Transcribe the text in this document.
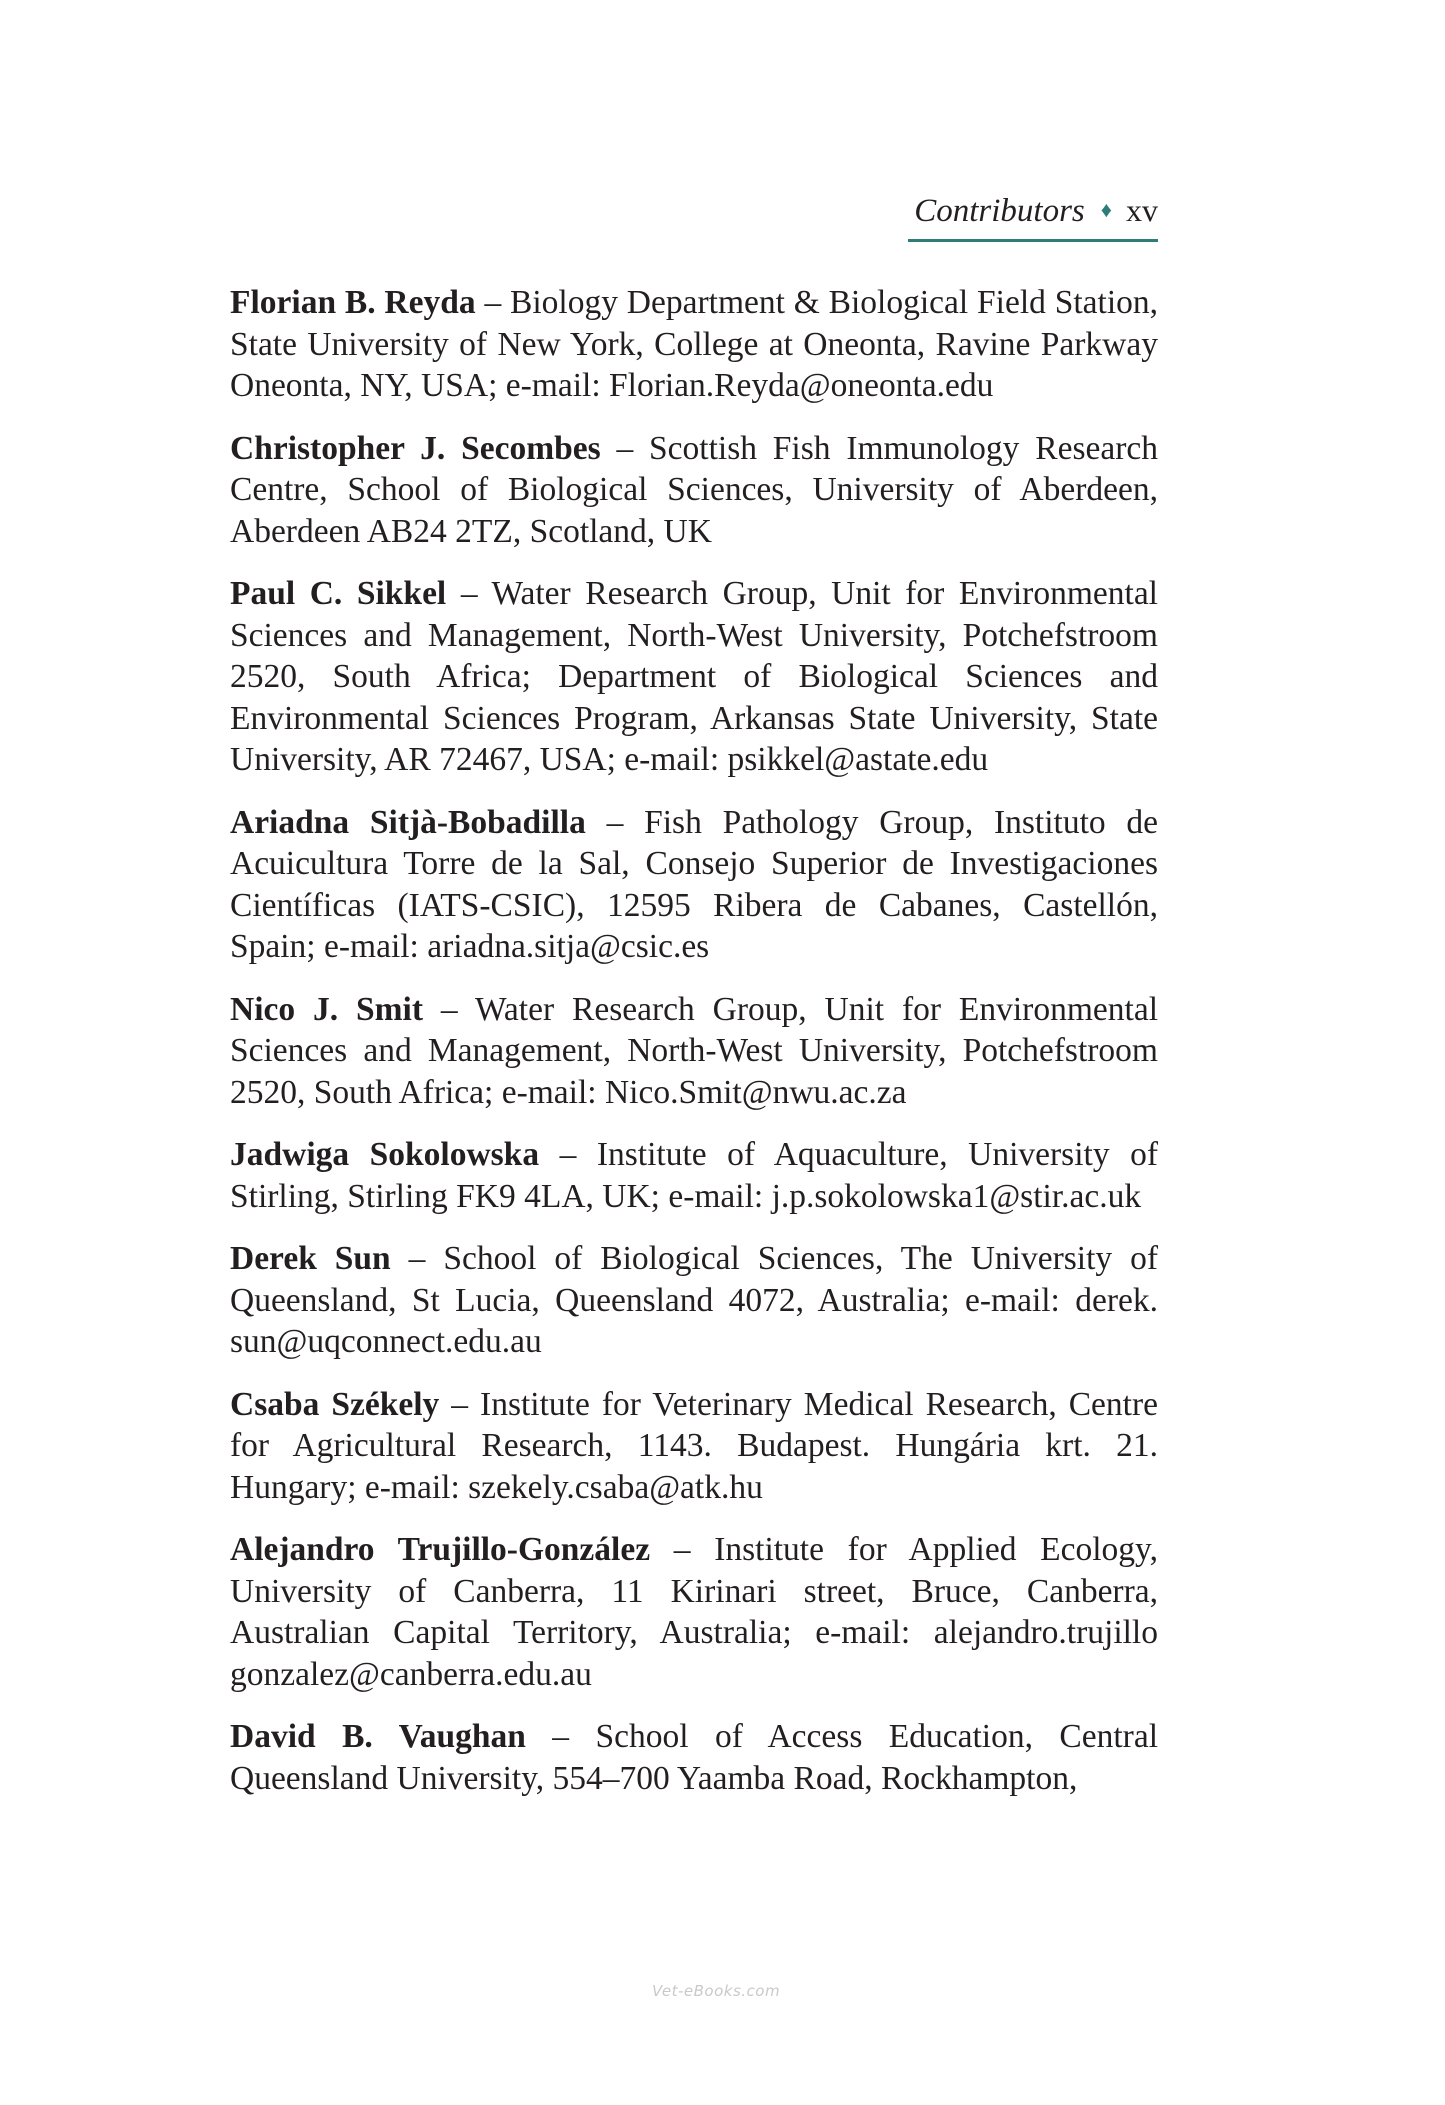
Contributors ♦ xv

Florian B. Reyda – Biology Department & Biological Field Station, State University of New York, College at Oneonta, Ravine Parkway Oneonta, NY, USA; e-mail: Florian.Reyda@oneonta.edu

Christopher J. Secombes – Scottish Fish Immunology Research Centre, School of Biological Sciences, University of Aberdeen, Aberdeen AB24 2TZ, Scotland, UK

Paul C. Sikkel – Water Research Group, Unit for Environmental Sciences and Management, North-West University, Potchefstroom 2520, South Africa; Department of Biological Sciences and Environmental Sciences Program, Arkansas State University, State University, AR 72467, USA; e-mail: psikkel@astate.edu

Ariadna Sitjà-Bobadilla – Fish Pathology Group, Instituto de Acuicultura Torre de la Sal, Consejo Superior de Investigaciones Científicas (IATS-CSIC), 12595 Ribera de Cabanes, Castellón, Spain; e-mail: ariadna.sitja@csic.es

Nico J. Smit – Water Research Group, Unit for Environmental Sciences and Management, North-West University, Potchefstroom 2520, South Africa; e-mail: Nico.Smit@nwu.ac.za

Jadwiga Sokolowska – Institute of Aquaculture, University of Stirling, Stirling FK9 4LA, UK; e-mail: j.p.sokolowska1@stir.ac.uk

Derek Sun – School of Biological Sciences, The University of Queensland, St Lucia, Queensland 4072, Australia; e-mail: derek. sun@uqconnect.edu.au

Csaba Székely – Institute for Veterinary Medical Research, Centre for Agricultural Research, 1143. Budapest. Hungária krt. 21. Hungary; e-mail: szekely.csaba@atk.hu

Alejandro Trujillo-González – Institute for Applied Ecology, University of Canberra, 11 Kirinari street, Bruce, Canberra, Australian Capital Territory, Australia; e-mail: alejandro.trujillo gonzalez@canberra.edu.au

David B. Vaughan – School of Access Education, Central Queensland University, 554–700 Yaamba Road, Rockhampton,

Vet-eBooks.com
